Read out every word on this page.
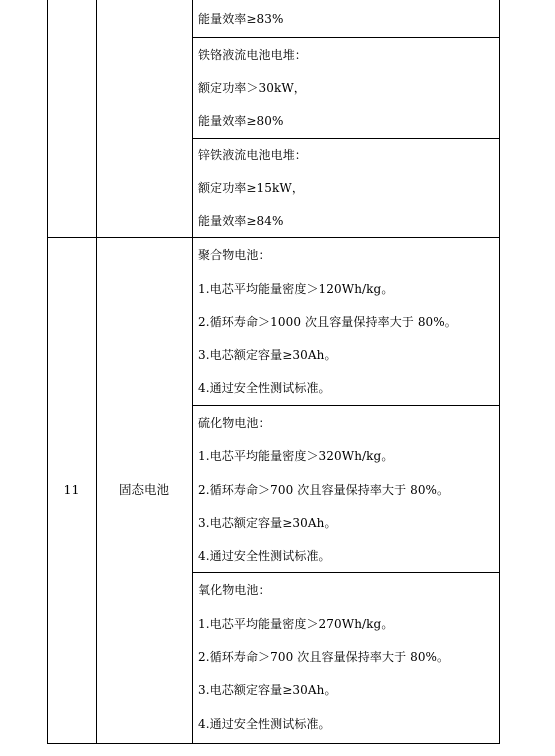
能量效率≥83%
铁铬液流电池电堆：
额定功率＞30kW，
能量效率≥80%
锌铁液流电池电堆：
额定功率≥15kW，
能量效率≥84%
11	固态电池
聚合物电池：
1.电芯平均能量密度＞120Wh/kg。
2.循环寿命＞1000 次且容量保持率大于 80%。
3.电芯额定容量≥30Ah。
4.通过安全性测试标准。
硫化物电池：
1.电芯平均能量密度＞320Wh/kg。
2.循环寿命＞700 次且容量保持率大于 80%。
3.电芯额定容量≥30Ah。
4.通过安全性测试标准。
氧化物电池：
1.电芯平均能量密度＞270Wh/kg。
2.循环寿命＞700 次且容量保持率大于 80%。
3.电芯额定容量≥30Ah。
4.通过安全性测试标准。
